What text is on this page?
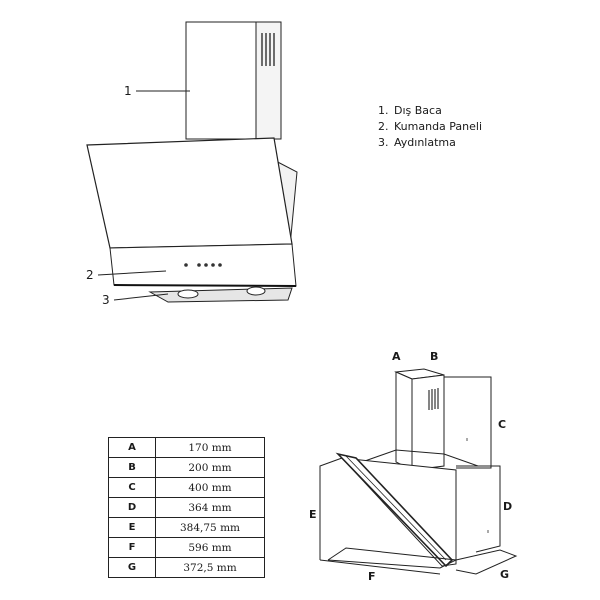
1
2
3
A	B
C
D
E
F	G
1. Dış Baca
2. Kumanda Paneli
3. Aydınlatma
A	170 mm
B	200 mm
C	400 mm
D	364 mm
E	384,75 mm
F	596 mm
G	372,5 mm
